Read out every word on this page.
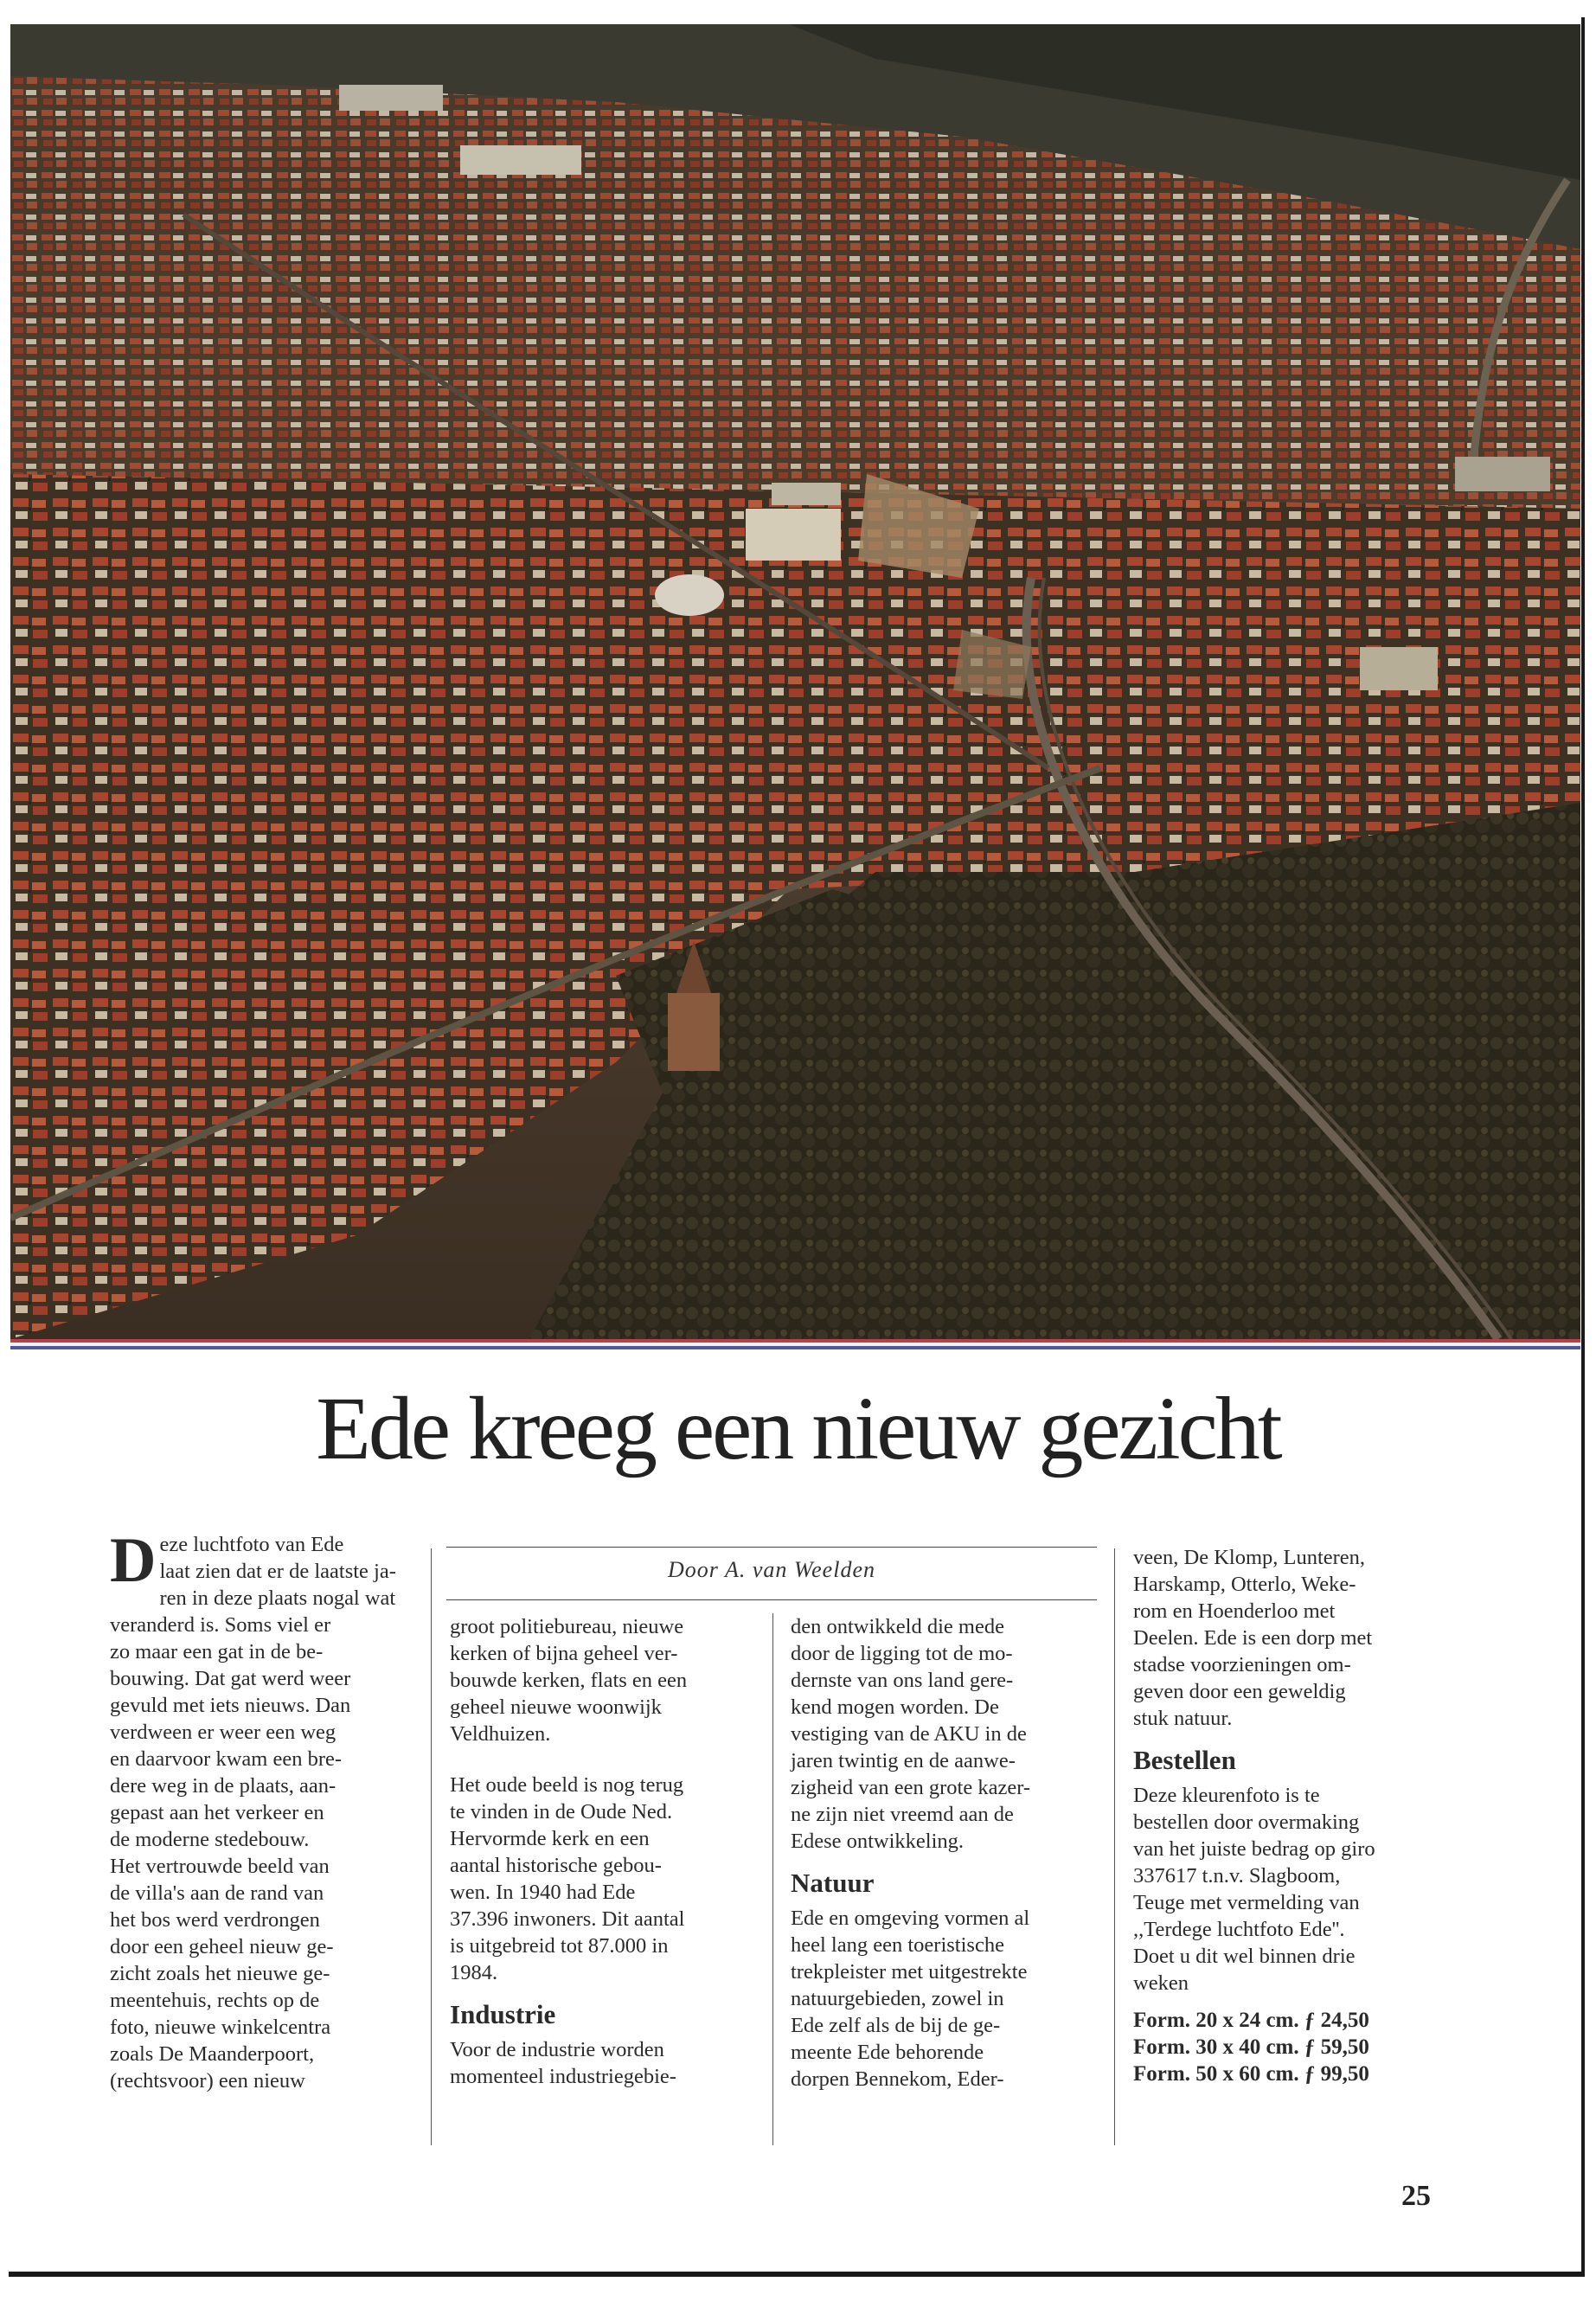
Ede kreeg een nieuw gezicht
D eze luchtfoto van Ede
laat zien dat er de laatste ja-
ren in deze plaats nogal wat
veranderd is. Soms viel er
zo maar een gat in de be-
bouwing. Dat gat werd weer
gevuld met iets nieuws. Dan
verdween er weer een weg
en daarvoor kwam een bre-
dere weg in de plaats, aan-
gepast aan het verkeer en
de moderne stedebouw.
Het vertrouwde beeld van
de villa's aan de rand van
het bos werd verdrongen
door een geheel nieuw ge-
zicht zoals het nieuwe ge-
meentehuis, rechts op de
foto, nieuwe winkelcentra
zoals De Maanderpoort,
(rechtsvoor) een nieuw
Door A. van Weelden
groot politiebureau, nieuwe
kerken of bijna geheel ver-
bouwde kerken, flats en een
geheel nieuwe woonwijk
Veldhuizen.
Het oude beeld is nog terug
te vinden in de Oude Ned.
Hervormde kerk en een
aantal historische gebou-
wen. In 1940 had Ede
37.396 inwoners. Dit aantal
is uitgebreid tot 87.000 in
1984.
Industrie
Voor de industrie worden
momenteel industriegebie-
den ontwikkeld die mede
door de ligging tot de mo-
dernste van ons land gere-
kend mogen worden. De
vestiging van de AKU in de
jaren twintig en de aanwe-
zigheid van een grote kazer-
ne zijn niet vreemd aan de
Edese ontwikkeling.
Natuur
Ede en omgeving vormen al
heel lang een toeristische
trekpleister met uitgestrekte
natuurgebieden, zowel in
Ede zelf als de bij de ge-
meente Ede behorende
dorpen Bennekom, Eder-
veen, De Klomp, Lunteren,
Harskamp, Otterlo, Weke-
rom en Hoenderloo met
Deelen. Ede is een dorp met
stadse voorzieningen om-
geven door een geweldig
stuk natuur.
Bestellen
Deze kleurenfoto is te
bestellen door overmaking
van het juiste bedrag op giro
337617 t.n.v. Slagboom,
Teuge met vermelding van
,,Terdege luchtfoto Ede''.
Doet u dit wel binnen drie
weken
Form. 20 x 24 cm. ƒ 24,50
Form. 30 x 40 cm. ƒ 59,50
Form. 50 x 60 cm. ƒ 99,50
25
